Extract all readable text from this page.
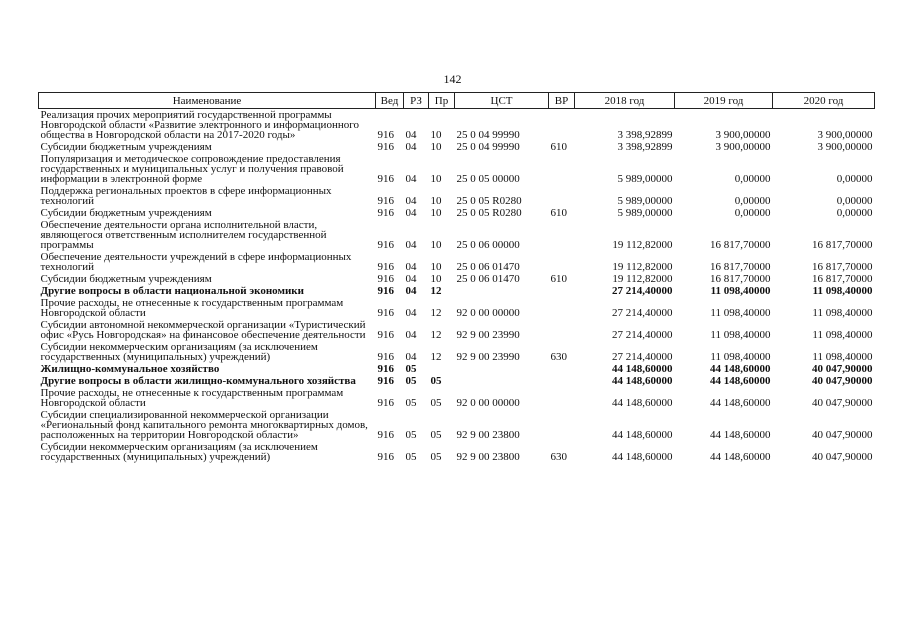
142
Наименование	Вед	РЗ	Пр	ЦСТ	ВР	2018 год	2019 год	2020 год
Реализация прочих мероприятий государственной программы Новгородской области «Развитие электронного и информационного общества в Новгородской области на 2017-2020 годы»	916	04	10	25 0 04 99990		3 398,92899	3 900,00000	3 900,00000
Субсидии бюджетным учреждениям	916	04	10	25 0 04 99990	610	3 398,92899	3 900,00000	3 900,00000
Популяризация и методическое сопровождение предоставления государственных и муниципальных услуг и получения правовой информации в электронной форме	916	04	10	25 0 05 00000		5 989,00000	0,00000	0,00000
Поддержка региональных проектов в сфере информационных технологий	916	04	10	25 0 05 R0280		5 989,00000	0,00000	0,00000
Субсидии бюджетным учреждениям	916	04	10	25 0 05 R0280	610	5 989,00000	0,00000	0,00000
Обеспечение деятельности органа исполнительной власти, являющегося ответственным исполнителем государственной программы	916	04	10	25 0 06 00000		19 112,82000	16 817,70000	16 817,70000
Обеспечение деятельности учреждений в сфере информационных технологий	916	04	10	25 0 06 01470		19 112,82000	16 817,70000	16 817,70000
Субсидии бюджетным учреждениям	916	04	10	25 0 06 01470	610	19 112,82000	16 817,70000	16 817,70000
Другие вопросы в области национальной экономики	916	04	12			27 214,40000	11 098,40000	11 098,40000
Прочие расходы, не отнесенные к государственным программам Новгородской области	916	04	12	92 0 00 00000		27 214,40000	11 098,40000	11 098,40000
Субсидии автономной некоммерческой организации «Туристический офис «Русь Новгородская» на финансовое обеспечение деятельности	916	04	12	92 9 00 23990		27 214,40000	11 098,40000	11 098,40000
Субсидии некоммерческим организациям (за исключением государственных (муниципальных) учреждений)	916	04	12	92 9 00 23990	630	27 214,40000	11 098,40000	11 098,40000
Жилищно-коммунальное хозяйство	916	05				44 148,60000	44 148,60000	40 047,90000
Другие вопросы в области жилищно-коммунального хозяйства	916	05	05			44 148,60000	44 148,60000	40 047,90000
Прочие расходы, не отнесенные к государственным программам Новгородской области	916	05	05	92 0 00 00000		44 148,60000	44 148,60000	40 047,90000
Субсидии специализированной некоммерческой организации «Региональный фонд капитального ремонта многоквартирных домов, расположенных на территории Новгородской области»	916	05	05	92 9 00 23800		44 148,60000	44 148,60000	40 047,90000
Субсидии некоммерческим организациям (за исключением государственных (муниципальных) учреждений)	916	05	05	92 9 00 23800	630	44 148,60000	44 148,60000	40 047,90000
